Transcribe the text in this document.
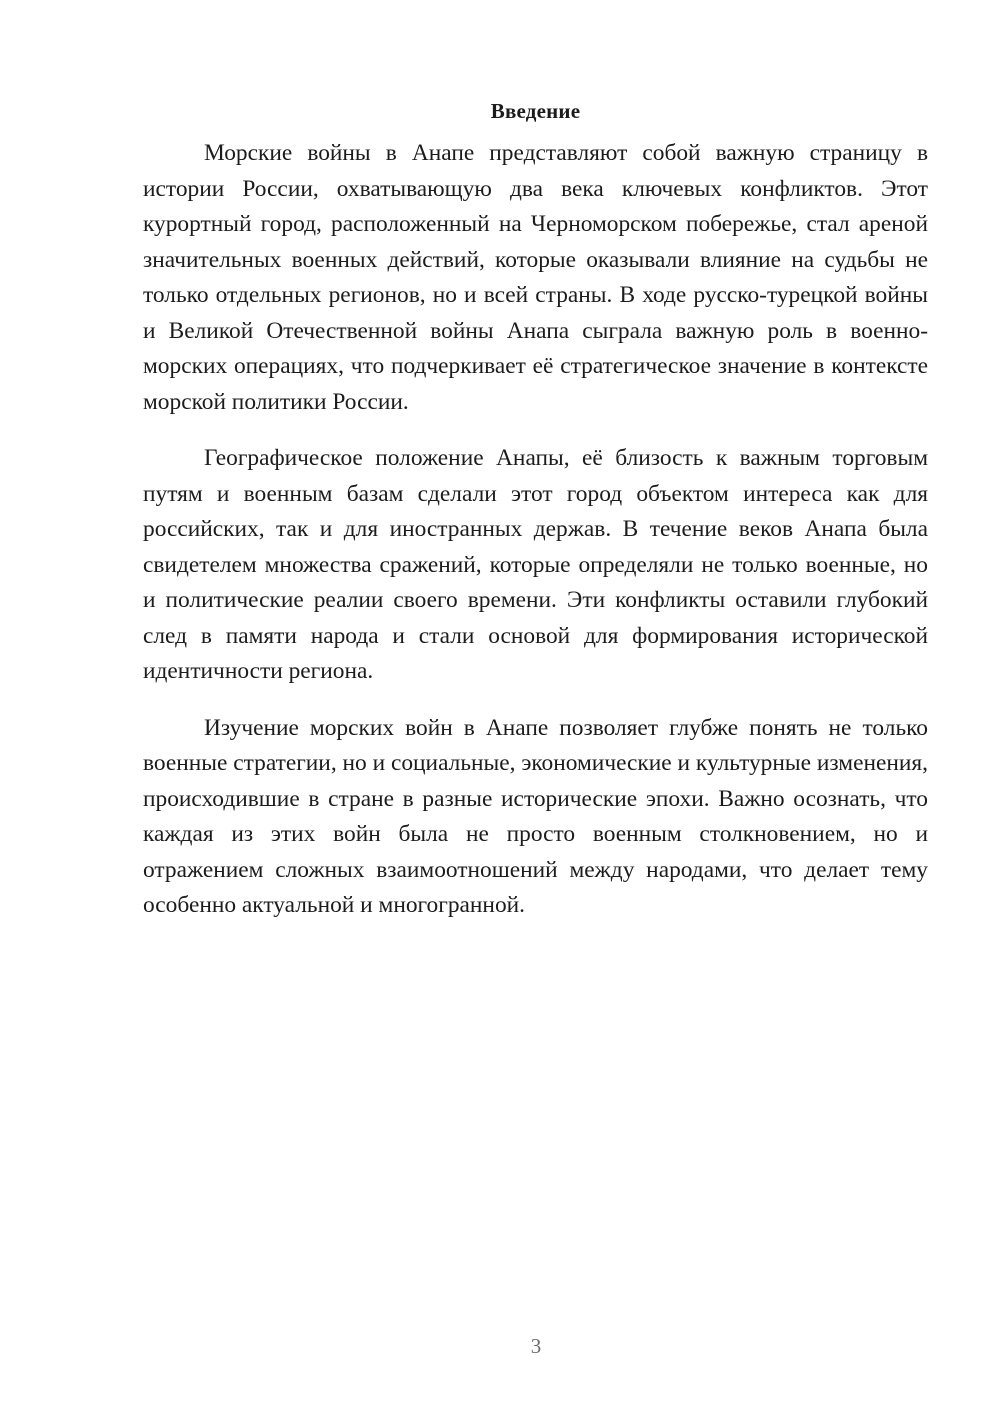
Введение

Морские войны в Анапе представляют собой важную страницу в истории России, охватывающую два века ключевых конфликтов. Этот курортный город, расположенный на Черноморском побережье, стал ареной значительных военных действий, которые оказывали влияние на судьбы не только отдельных регионов, но и всей страны. В ходе русско-турецкой войны и Великой Отечественной войны Анапа сыграла важную роль в военно-морских операциях, что подчеркивает её стратегическое значение в контексте морской политики России.

Географическое положение Анапы, её близость к важным торговым путям и военным базам сделали этот город объектом интереса как для российских, так и для иностранных держав. В течение веков Анапа была свидетелем множества сражений, которые определяли не только военные, но и политические реалии своего времени. Эти конфликты оставили глубокий след в памяти народа и стали основой для формирования исторической идентичности региона.

Изучение морских войн в Анапе позволяет глубже понять не только военные стратегии, но и социальные, экономические и культурные изменения, происходившие в стране в разные исторические эпохи. Важно осознать, что каждая из этих войн была не просто военным столкновением, но и отражением сложных взаимоотношений между народами, что делает тему особенно актуальной и многогранной.

3
